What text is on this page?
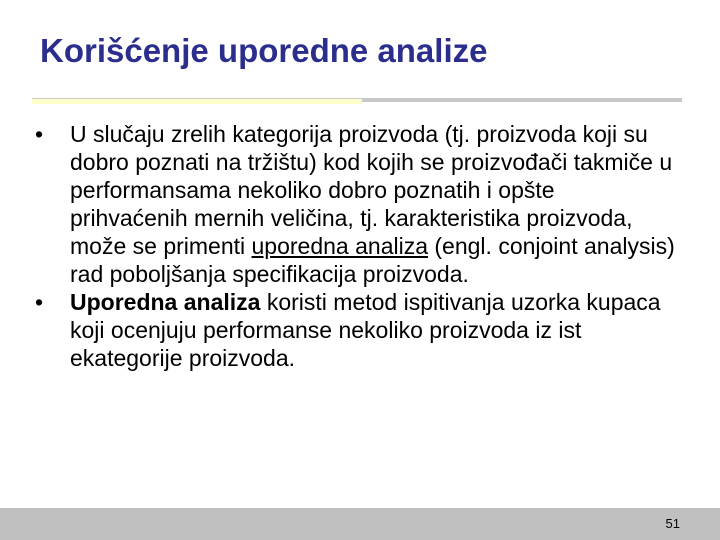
Korišćenje uporedne analize
•	U slučaju zrelih kategorija proizvoda (tj. proizvoda koji su dobro poznati na tržištu) kod kojih se proizvođači takmiče u performansama nekoliko dobro poznatih i opšte prihvaćenih mernih veličina, tj. karakteristika proizvoda, može se primenti uporedna analiza (engl. conjoint analysis) rad poboljšanja specifikacija proizvoda.
•	Uporedna analiza koristi metod ispitivanja uzorka kupaca koji ocenjuju performanse nekoliko proizvoda iz ist ekategorije proizvoda.
51
